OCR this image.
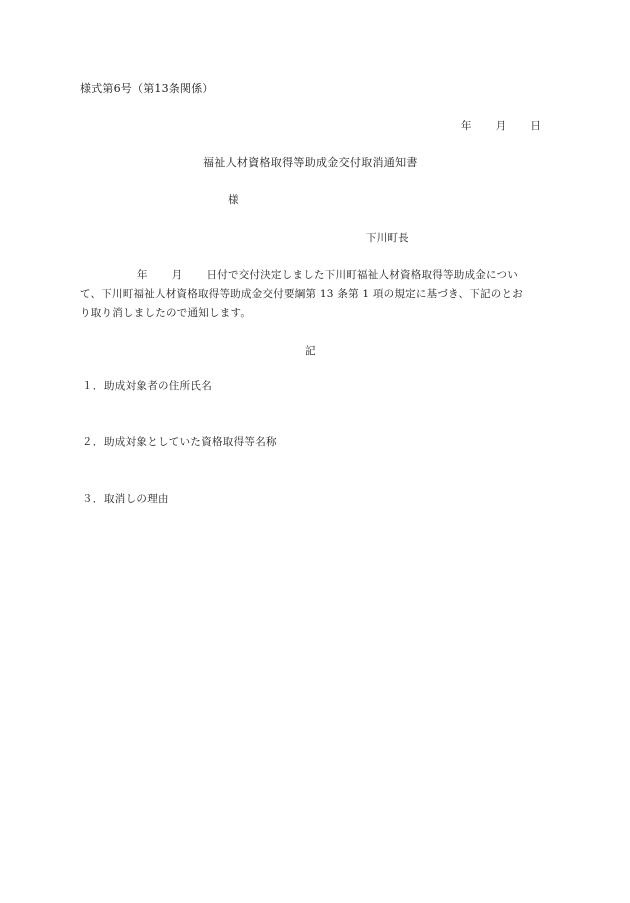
様式第6号（第13条関係）
年 月 日
福祉人材資格取得等助成金交付取消通知書
様
下川町長
年 月 日付で交付決定しました下川町福祉人材資格取得等助成金につい
て、下川町福祉人材資格取得等助成金交付要綱第 13 条第 1 項の規定に基づき、下記のとお
り取り消しましたので通知します。
記
１．助成対象者の住所氏名
２．助成対象としていた資格取得等名称
３．取消しの理由
